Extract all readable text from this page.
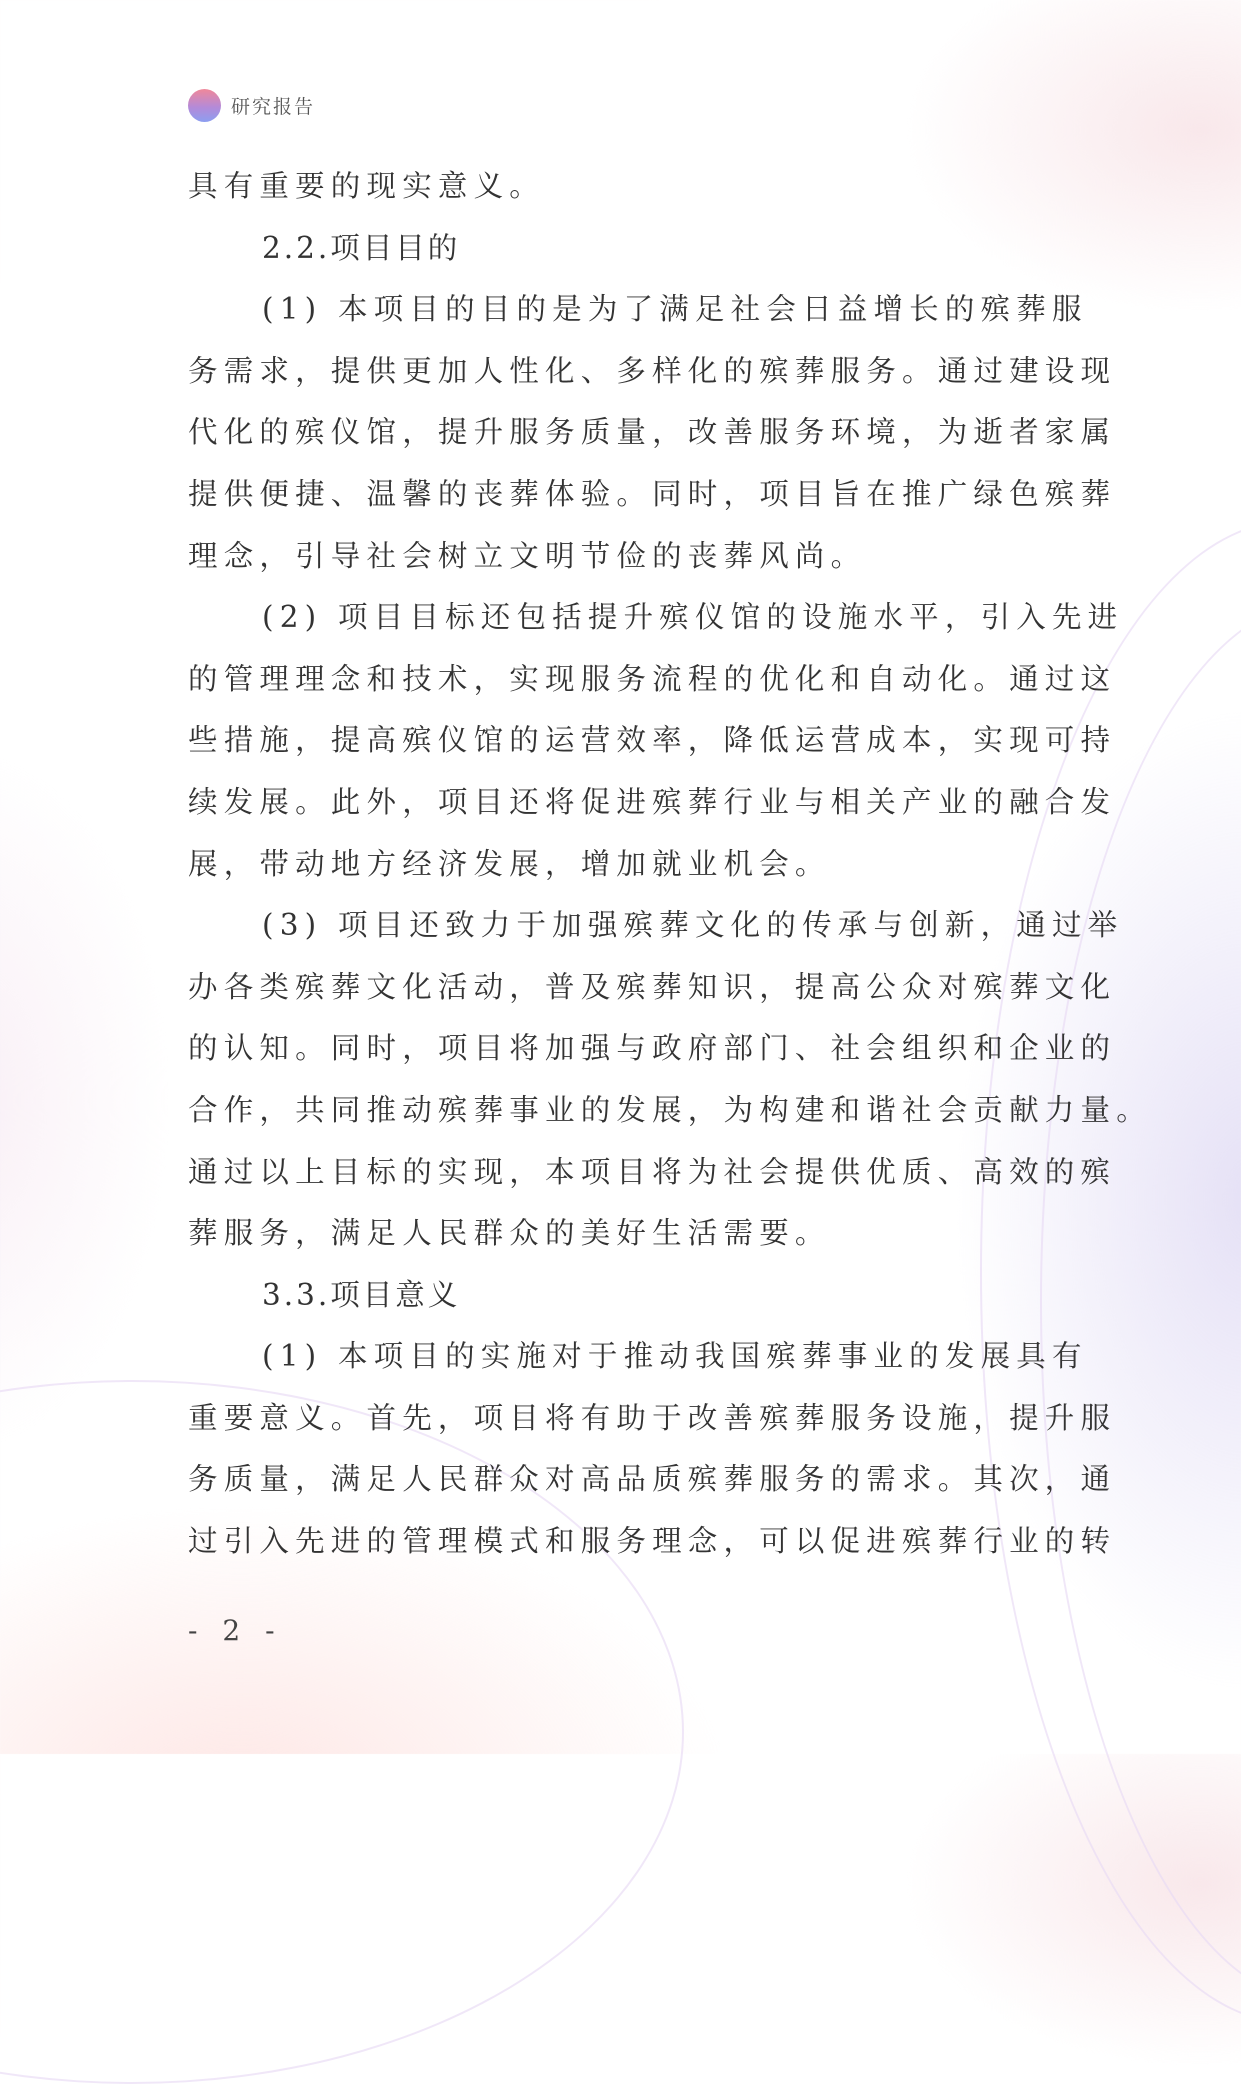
研究报告
具有重要的现实意义。
2.2.项目目的
(1) 本项目的目的是为了满足社会日益增长的殡葬服
务需求，提供更加人性化、多样化的殡葬服务。通过建设现
代化的殡仪馆，提升服务质量，改善服务环境，为逝者家属
提供便捷、温馨的丧葬体验。同时，项目旨在推广绿色殡葬
理念，引导社会树立文明节俭的丧葬风尚。
(2) 项目目标还包括提升殡仪馆的设施水平，引入先进
的管理理念和技术，实现服务流程的优化和自动化。通过这
些措施，提高殡仪馆的运营效率，降低运营成本，实现可持
续发展。此外，项目还将促进殡葬行业与相关产业的融合发
展，带动地方经济发展，增加就业机会。
(3) 项目还致力于加强殡葬文化的传承与创新，通过举
办各类殡葬文化活动，普及殡葬知识，提高公众对殡葬文化
的认知。同时，项目将加强与政府部门、社会组织和企业的
合作，共同推动殡葬事业的发展，为构建和谐社会贡献力量。
通过以上目标的实现，本项目将为社会提供优质、高效的殡
葬服务，满足人民群众的美好生活需要。
3.3.项目意义
(1) 本项目的实施对于推动我国殡葬事业的发展具有
重要意义。首先，项目将有助于改善殡葬服务设施，提升服
务质量，满足人民群众对高品质殡葬服务的需求。其次，通
过引入先进的管理模式和服务理念，可以促进殡葬行业的转
- 2 -
